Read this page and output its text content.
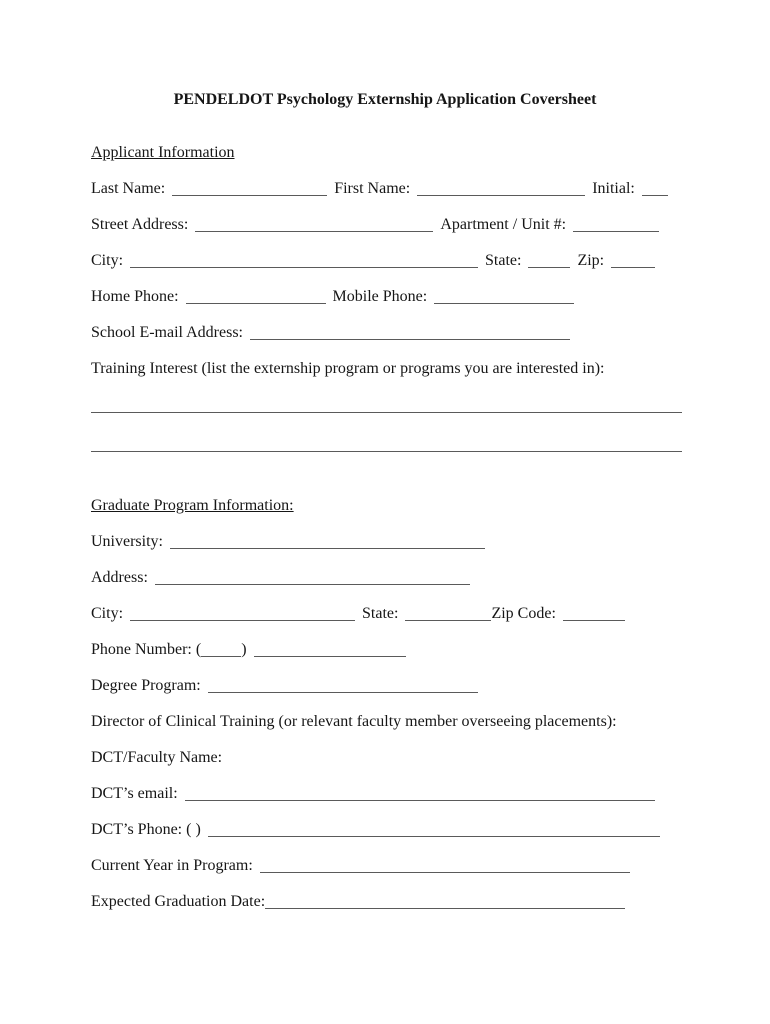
PENDELDOT Psychology Externship Application Coversheet
Applicant Information
Last Name:	First Name:	Initial:
Street Address:	Apartment / Unit #:
City:	State:	Zip:
Home Phone:	Mobile Phone:
School E-mail Address:
Training Interest (list the externship program or programs you are interested in):
Graduate Program Information:
University:
Address:
City:	State:	Zip Code:
Phone Number: (	)
Degree Program:
Director of Clinical Training (or relevant faculty member overseeing placements):
DCT/Faculty Name:
DCT’s email:
DCT’s Phone: ( )
Current Year in Program:
Expected Graduation Date:
